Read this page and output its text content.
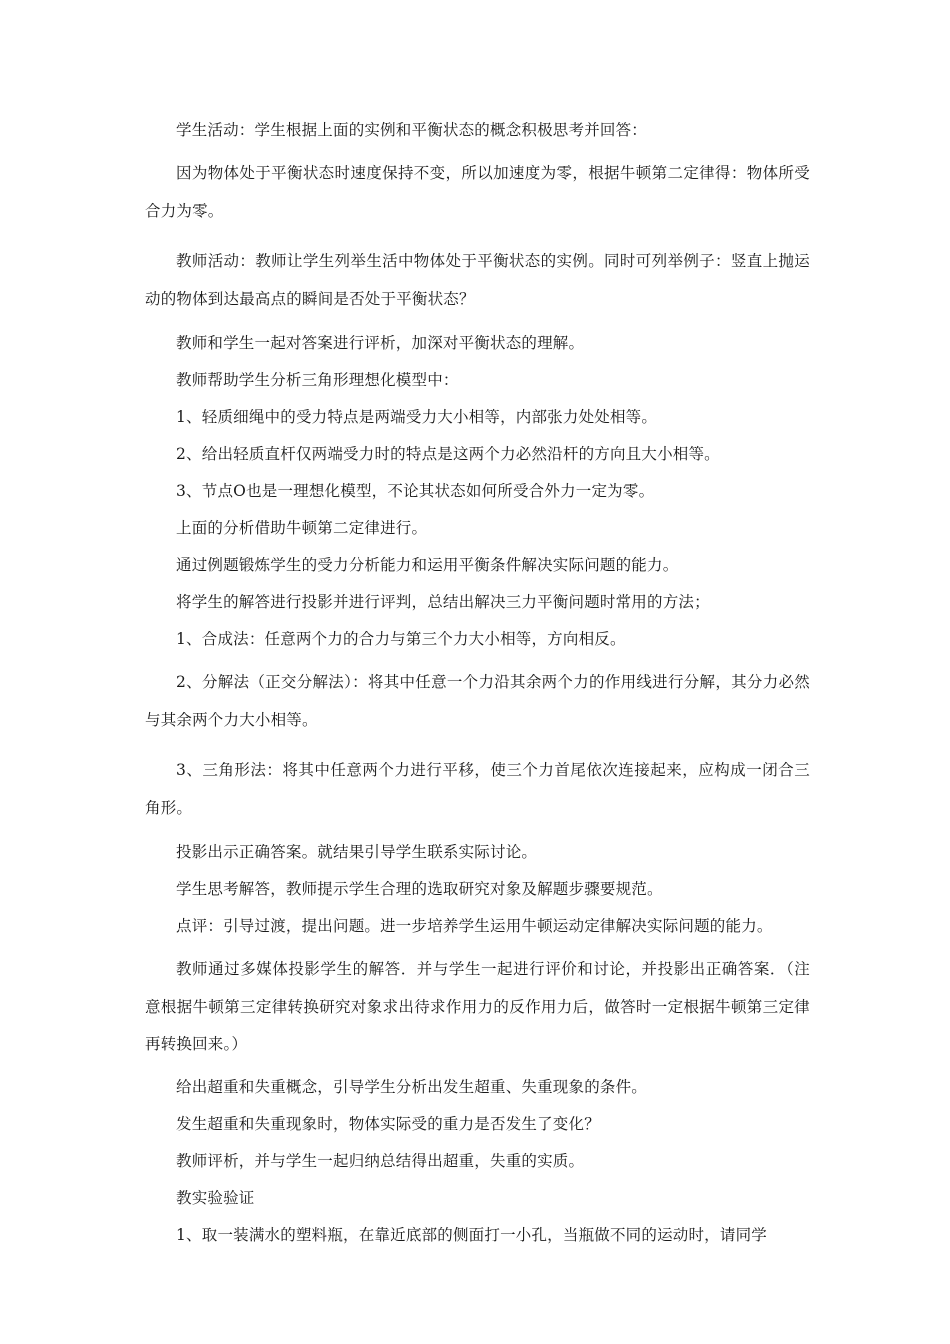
学生活动：学生根据上面的实例和平衡状态的概念积极思考并回答：

因为物体处于平衡状态时速度保持不变，所以加速度为零，根据牛顿第二定律得：物体所受合力为零。

教师活动：教师让学生列举生活中物体处于平衡状态的实例。同时可列举例子：竖直上抛运动的物体到达最高点的瞬间是否处于平衡状态？

教师和学生一起对答案进行评析，加深对平衡状态的理解。

教师帮助学生分析三角形理想化模型中：

1、轻质细绳中的受力特点是两端受力大小相等，内部张力处处相等。

2、给出轻质直杆仅两端受力时的特点是这两个力必然沿杆的方向且大小相等。

3、节点O也是一理想化模型，不论其状态如何所受合外力一定为零。

上面的分析借助牛顿第二定律进行。

通过例题锻炼学生的受力分析能力和运用平衡条件解决实际问题的能力。

将学生的解答进行投影并进行评判，总结出解决三力平衡问题时常用的方法；

1、合成法：任意两个力的合力与第三个力大小相等，方向相反。

2、分解法（正交分解法）：将其中任意一个力沿其余两个力的作用线进行分解，其分力必然与其余两个力大小相等。

3、三角形法：将其中任意两个力进行平移，使三个力首尾依次连接起来，应构成一闭合三角形。

投影出示正确答案。就结果引导学生联系实际讨论。

学生思考解答，教师提示学生合理的选取研究对象及解题步骤要规范。

点评：引导过渡，提出问题。进一步培养学生运用牛顿运动定律解决实际问题的能力。

教师通过多媒体投影学生的解答．并与学生一起进行评价和讨论，并投影出正确答案．（注意根据牛顿第三定律转换研究对象求出待求作用力的反作用力后，做答时一定根据牛顿第三定律再转换回来。）

给出超重和失重概念，引导学生分析出发生超重、失重现象的条件。

发生超重和失重现象时，物体实际受的重力是否发生了变化？

教师评析，并与学生一起归纳总结得出超重，失重的实质。

教实验验证

1、取一装满水的塑料瓶，在靠近底部的侧面打一小孔，当瓶做不同的运动时，请同学
